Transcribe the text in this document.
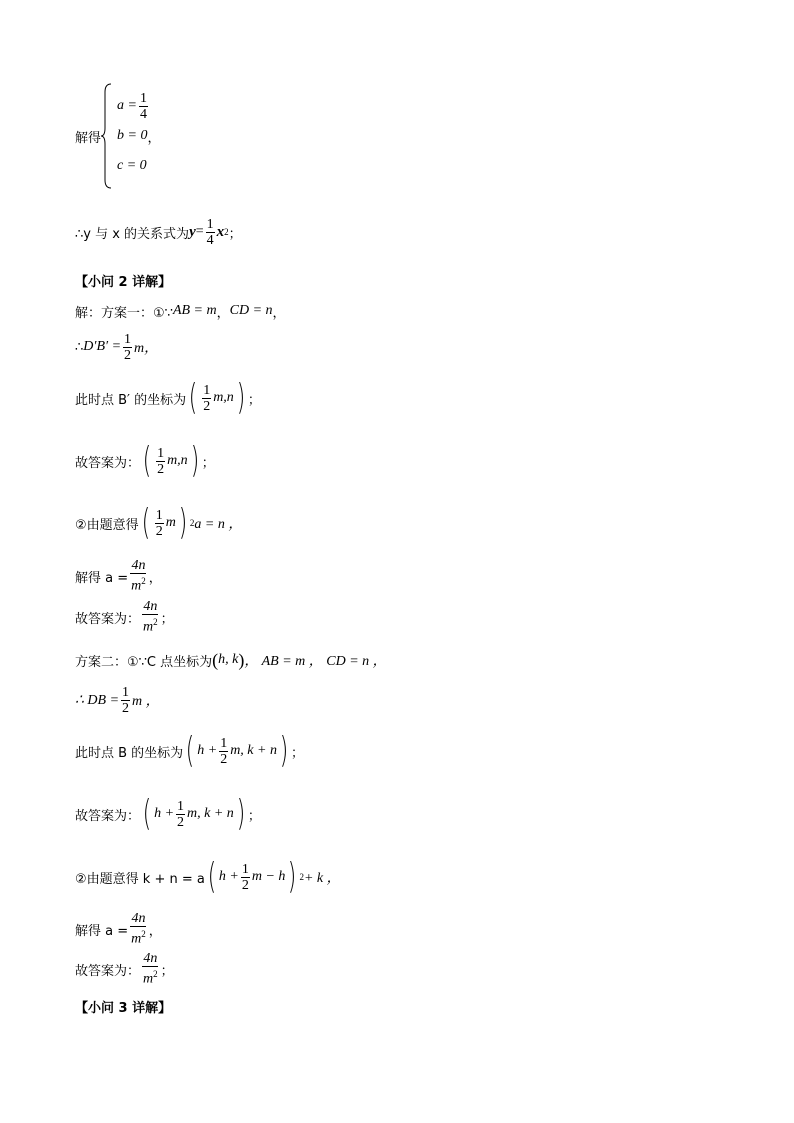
解得
$a = \frac{1}{4}$
b = 0 ，
c = 0
∴y 与 x 的关系式为 $y = \frac{1}{4}$ x 2 ；
【小问 2 详解】
解：方案一：①∵ AB = m ， CD = n ，
∴ $D'B' = \frac{1}{2}$ m，
此时点 B′ 的坐标为 ( $\frac{1}{2} m,n$ ) ；
故答案为： ( $\frac{1}{2} m,n$ ) ；
②由题意得 ( $\frac{1}{2}$ m ) 2 a = n ，
解得 $a = \frac{4n}{m^2}$ ，
故答案为： $\frac{4n}{m^2}$ ；
方案二：①∵C 点坐标为 ( h, k ) ， AB = m ， CD = n ，
∴ DB = $\frac{1}{2}$ m ，
此时点 B 的坐标为 ( $h + \frac{1}{2} m$, k + n ) ；
故答案为： ( $h + \frac{1}{2} m$, k + n ) ；
②由题意得 k + n = a ( $h + \frac{1}{2}$ m − h ) 2 + k ，
解得 $a = \frac{4n}{m^2}$ ，
故答案为： $\frac{4n}{m^2}$ ；
【小问 3 详解】
